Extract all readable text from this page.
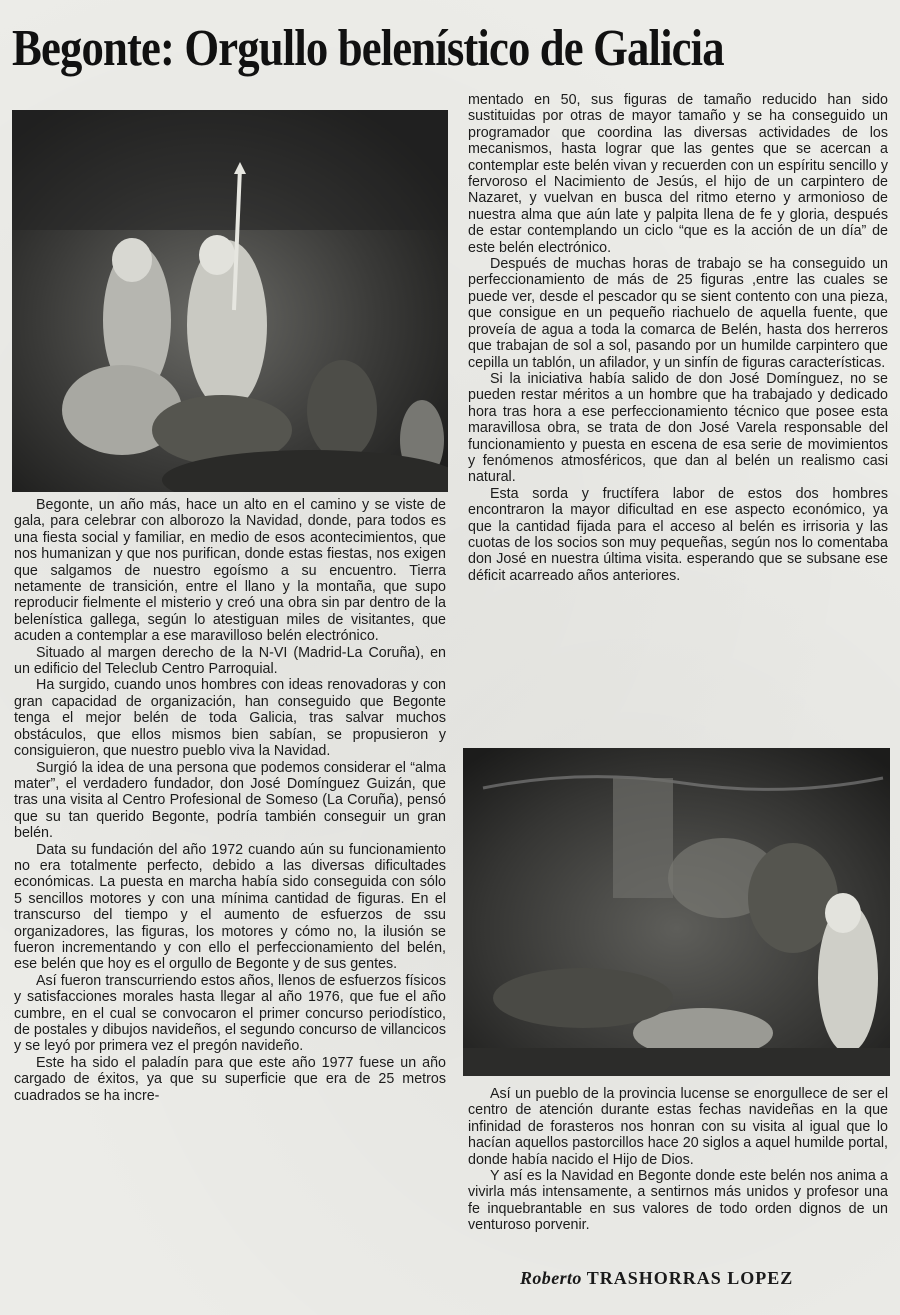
Begonte: Orgullo belenístico de Galicia

Begonte, un año más, hace un alto en el camino y se viste de gala, para celebrar con alborozo la Navidad, donde, para todos es una fiesta social y familiar, en medio de esos acontecimientos, que nos humanizan y que nos purifican, donde estas fiestas, nos exigen que salgamos de nuestro egoísmo a su encuentro. Tierra netamente de transición, entre el llano y la montaña, que supo reproducir fielmente el misterio y creó una obra sin par dentro de la belenística gallega, según lo atestiguan miles de visitantes, que acuden a contemplar a ese maravilloso belén electrónico.

Situado al margen derecho de la N-VI (Madrid-La Coruña), en un edificio del Teleclub Centro Parroquial.

Ha surgido, cuando unos hombres con ideas renovadoras y con gran capacidad de organización, han conseguido que Begonte tenga el mejor belén de toda Galicia, tras salvar muchos obstáculos, que ellos mismos bien sabían, se propusieron y consiguieron, que nuestro pueblo viva la Navidad.

Surgió la idea de una persona que podemos considerar el “alma mater”, el verdadero fundador, don José Domínguez Guizán, que tras una visita al Centro Profesional de Someso (La Coruña), pensó que su tan querido Begonte, podría también conseguir un gran belén.

Data su fundación del año 1972 cuando aún su funcionamiento no era totalmente perfecto, debido a las diversas dificultades económicas. La puesta en marcha había sido conseguida con sólo 5 sencillos motores y con una mínima cantidad de figuras. En el transcurso del tiempo y el aumento de esfuerzos de ssu organizadores, las figuras, los motores y cómo no, la ilusión se fueron incrementando y con ello el perfeccionamiento del belén, ese belén que hoy es el orgullo de Begonte y de sus gentes.

Así fueron transcurriendo estos años, llenos de esfuerzos físicos y satisfacciones morales hasta llegar al año 1976, que fue el año cumbre, en el cual se convocaron el primer concurso periodístico, de postales y dibujos navideños, el segundo concurso de villancicos y se leyó por primera vez el pregón navideño.

Este ha sido el paladín para que este año 1977 fuese un año cargado de éxitos, ya que su superficie que era de 25 metros cuadrados se ha incre-

mentado en 50, sus figuras de tamaño reducido han sido sustituidas por otras de mayor tamaño y se ha conseguido un programador que coordina las diversas actividades de los mecanismos, hasta lograr que las gentes que se acercan a contemplar este belén vivan y recuerden con un espíritu sencillo y fervoroso el Nacimiento de Jesús, el hijo de un carpintero de Nazaret, y vuelvan en busca del ritmo eterno y armonioso de nuestra alma que aún late y palpita llena de fe y gloria, después de estar contemplando un ciclo “que es la acción de un día” de este belén electrónico.

Después de muchas horas de trabajo se ha conseguido un perfeccionamiento de más de 25 figuras ,entre las cuales se puede ver, desde el pescador qu se sient contento con una pieza, que consigue en un pequeño riachuelo de aquella fuente, que proveía de agua a toda la comarca de Belén, hasta dos herreros que trabajan de sol a sol, pasando por un humilde carpintero que cepilla un tablón, un afilador, y un sinfín de figuras características.

Si la iniciativa había salido de don José Domínguez, no se pueden restar méritos a un hombre que ha trabajado y dedicado hora tras hora a ese perfeccionamiento técnico que posee esta maravillosa obra, se trata de don José Varela responsable del funcionamiento y puesta en escena de esa serie de movimientos y fenómenos atmosféricos, que dan al belén un realismo casi natural.

Esta sorda y fructífera labor de estos dos hombres encontraron la mayor dificultad en ese aspecto económico, ya que la cantidad fijada para el acceso al belén es irrisoria y las cuotas de los socios son muy pequeñas, según nos lo comentaba don José en nuestra última visita. esperando que se subsane ese déficit acarreado años anteriores.

Así un pueblo de la provincia lucense se enorgullece de ser el centro de atención durante estas fechas navideñas en la que infinidad de forasteros nos honran con su visita al igual que lo hacían aquellos pastorcillos hace 20 siglos a aquel humilde portal, donde había nacido el Hijo de Dios.

Y así es la Navidad en Begonte donde este belén nos anima a vivirla más intensamente, a sentirnos más unidos y profesor una fe inquebrantable en sus valores de todo orden dignos de un venturoso porvenir.

Roberto TRASHORRAS LOPEZ
